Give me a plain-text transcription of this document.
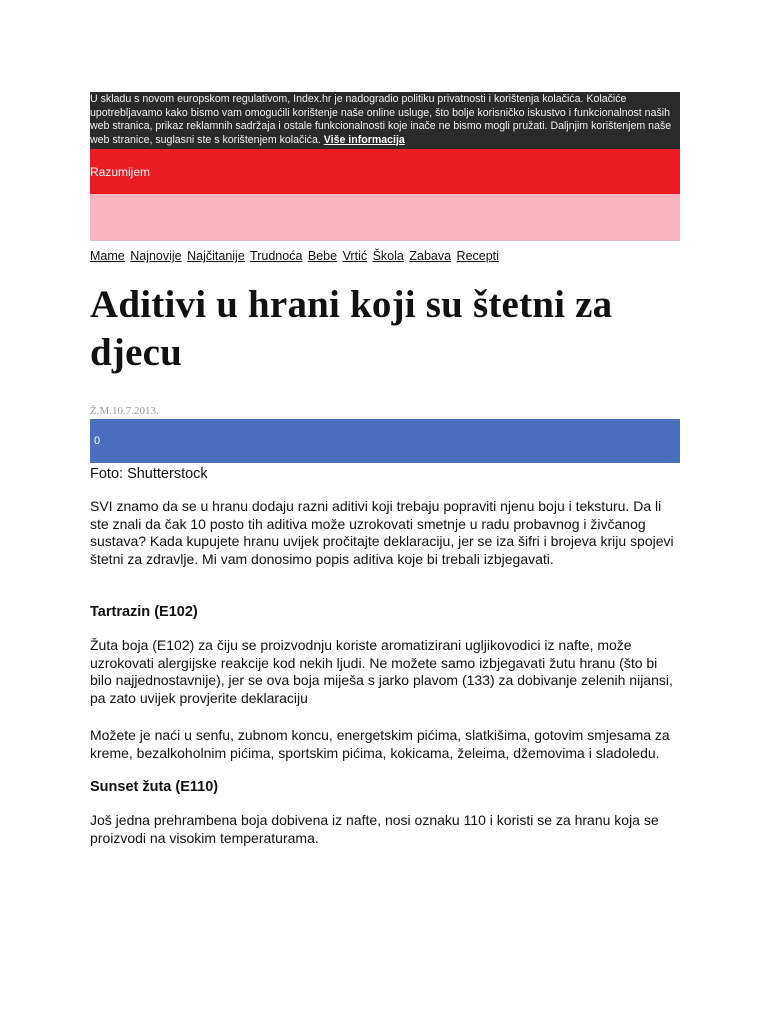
U skladu s novom europskom regulativom, Index.hr je nadogradio politiku privatnosti i korištenja kolačića. Kolačiće upotrebljavamo kako bismo vam omogućili korištenje naše online usluge, što bolje korisničko iskustvo i funkcionalnost naših web stranica, prikaz reklamnih sadržaja i ostale funkcionalnosti koje inače ne bismo mogli pružati. Daljnjim korištenjem naše web stranice, suglasni ste s korištenjem kolačića. Više informacija
Razumijem
Mame Najnovije Najčitanije Trudnoća Bebe Vrtić Škola Zabava Recepti
Aditivi u hrani koji su štetni za djecu
Ž.M.10.7.2013.
0
Foto: Shutterstock

SVI znamo da se u hranu dodaju razni aditivi koji trebaju popraviti njenu boju i teksturu. Da li ste znali da čak 10 posto tih aditiva može uzrokovati smetnje u radu probavnog i živčanog sustava? Kada kupujete hranu uvijek pročitajte deklaraciju, jer se iza šifri i brojeva kriju spojevi štetni za zdravlje. Mi vam donosimo popis aditiva koje bi trebali izbjegavati.

Tartrazin (E102)

Žuta boja (E102) za čiju se proizvodnju koriste aromatizirani ugljikovodici iz nafte, može uzrokovati alergijske reakcije kod nekih ljudi. Ne možete samo izbjegavati žutu hranu (što bi bilo najjednostavnije), jer se ova boja miješa s jarko plavom (133) za dobivanje zelenih nijansi, pa zato uvijek provjerite deklaraciju

Možete je naći u senfu, zubnom koncu, energetskim pićima, slatkišima, gotovim smjesama za kreme, bezalkoholnim pićima, sportskim pićima, kokicama, želeima, džemovima i sladoledu.

Sunset žuta (E110)

Još jedna prehrambena boja dobivena iz nafte, nosi oznaku 110 i koristi se za hranu koja se proizvodi na visokim temperaturama.
